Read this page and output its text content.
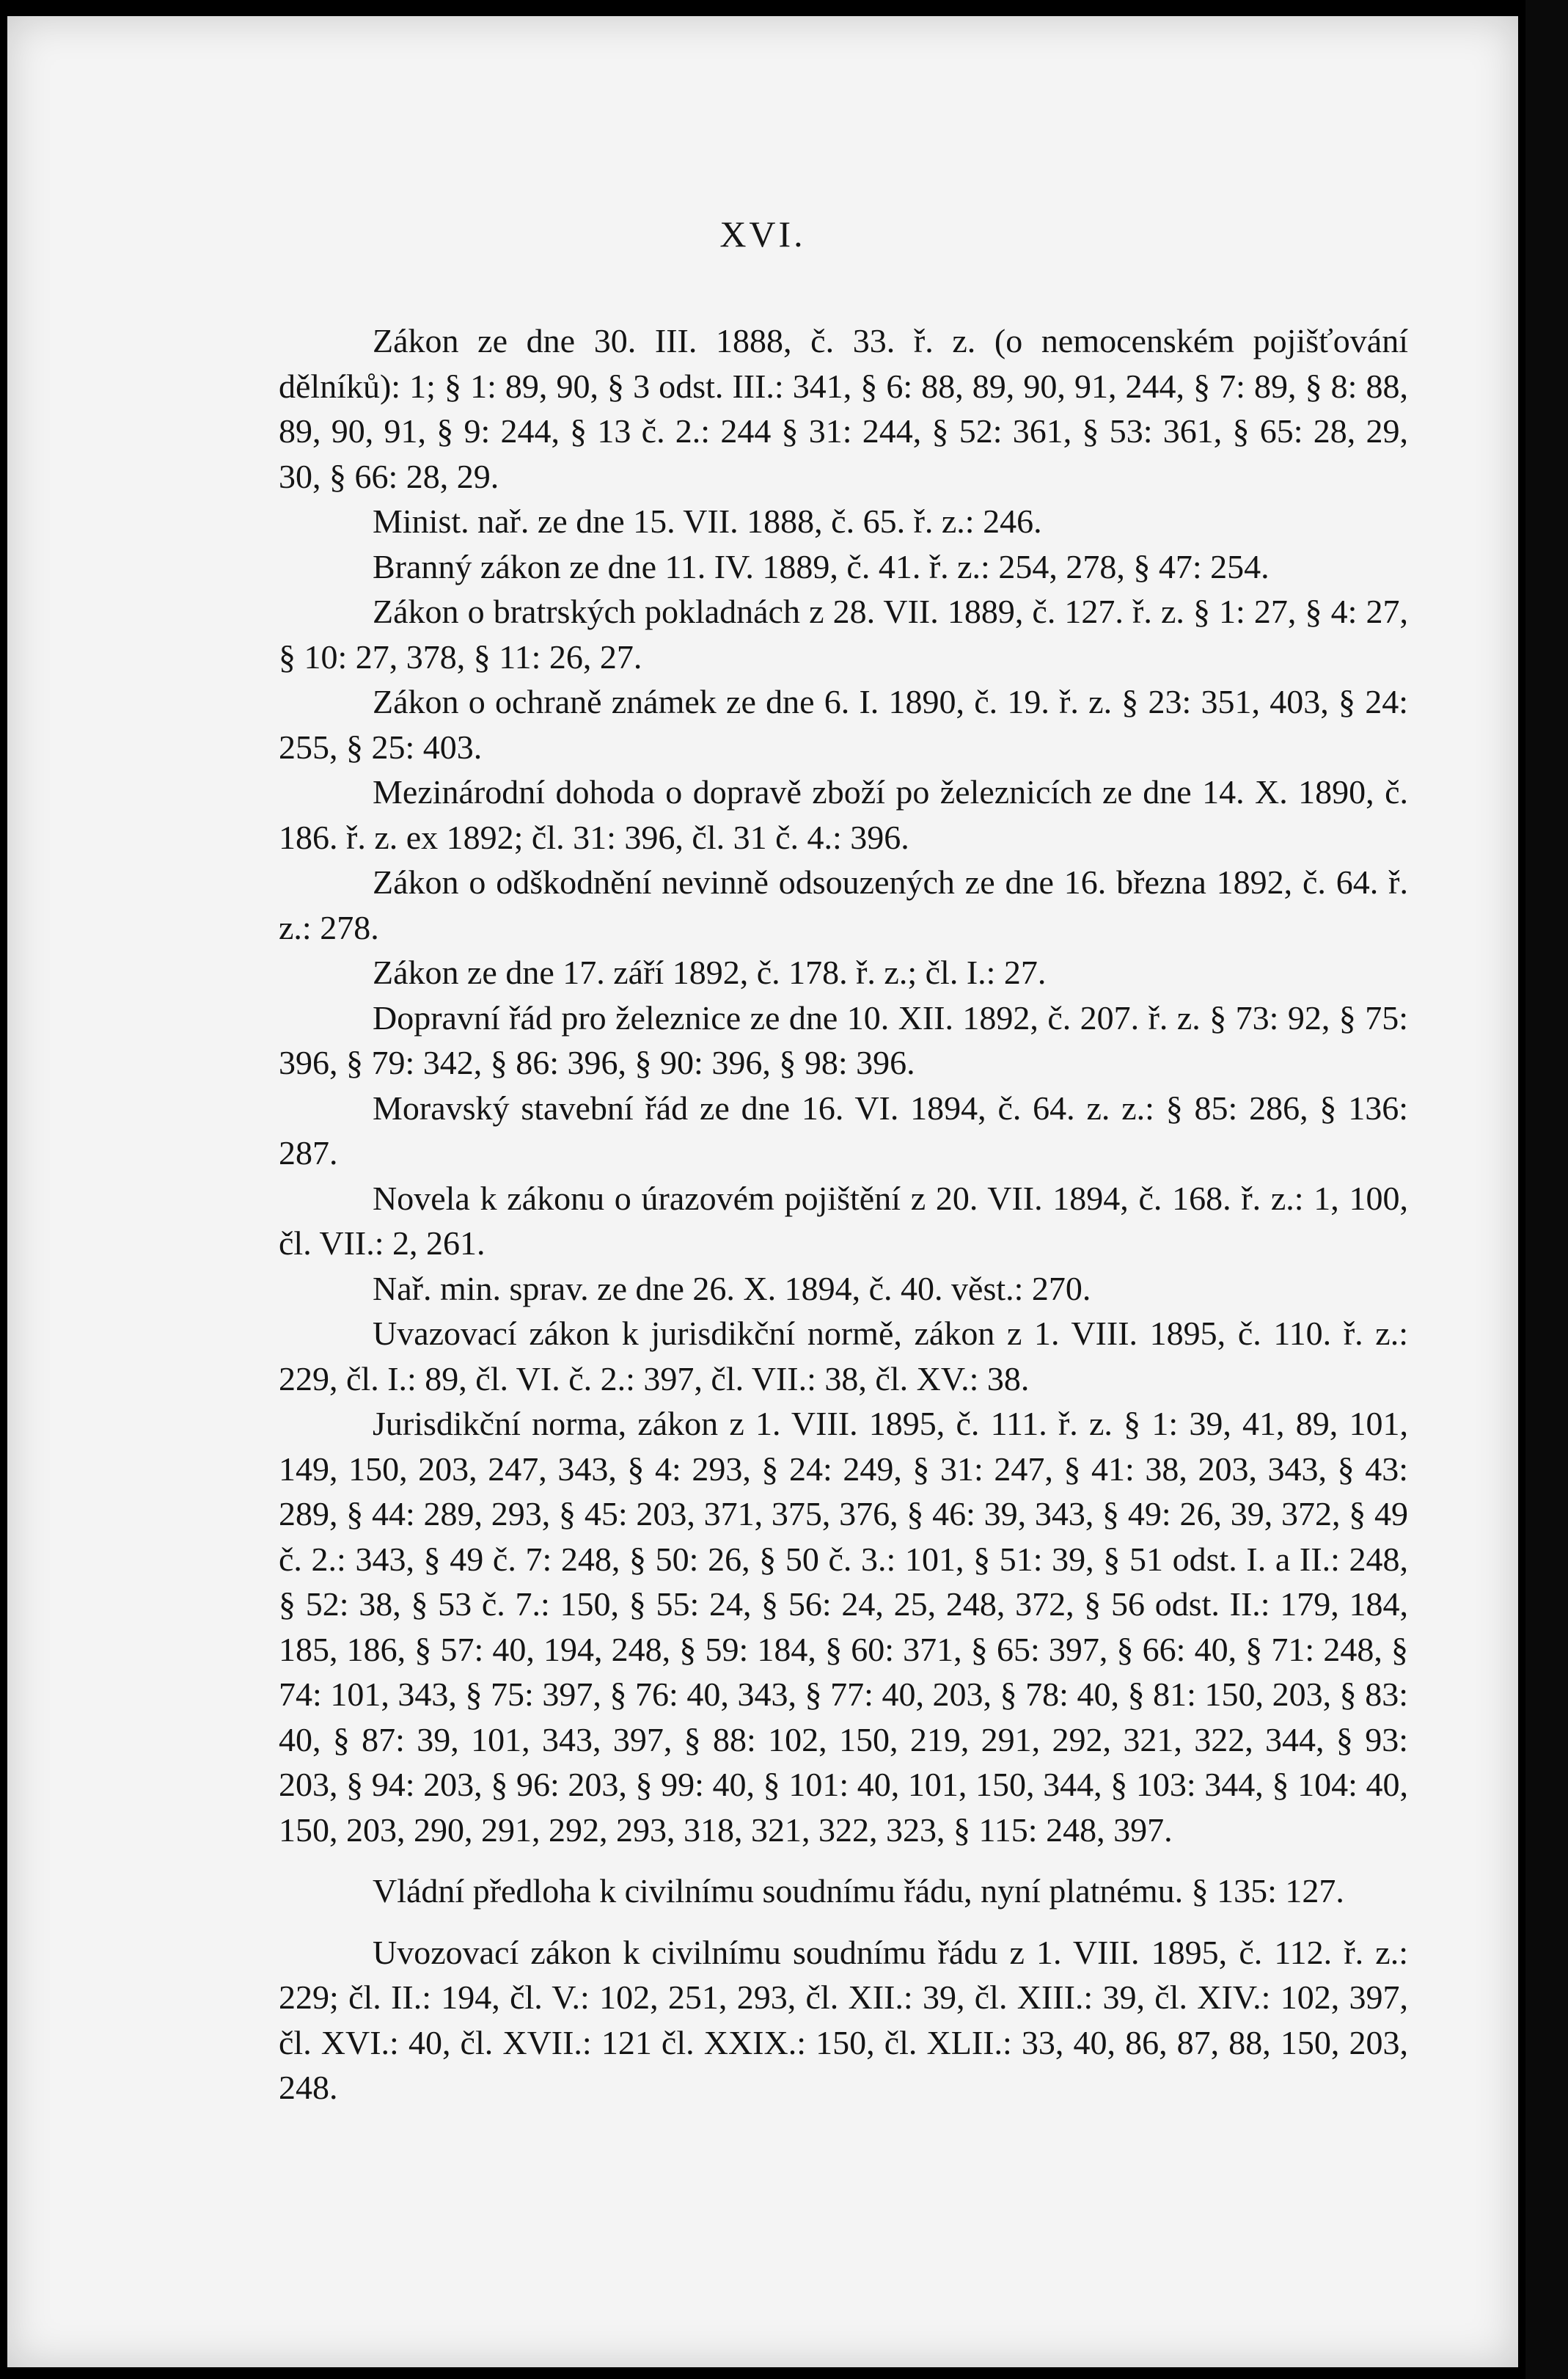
XVI.

Zákon ze dne 30. III. 1888, č. 33. ř. z. (o nemocenském pojišťování dělníků): 1; § 1: 89, 90, § 3 odst. III.: 341, § 6: 88, 89, 90, 91, 244, § 7: 89, § 8: 88, 89, 90, 91, § 9: 244, § 13 č. 2.: 244 § 31: 244, § 52: 361, § 53: 361, § 65: 28, 29, 30, § 66: 28, 29.

Minist. nař. ze dne 15. VII. 1888, č. 65. ř. z.: 246.

Branný zákon ze dne 11. IV. 1889, č. 41. ř. z.: 254, 278, § 47: 254.

Zákon o bratrských pokladnách z 28. VII. 1889, č. 127. ř. z. § 1: 27, § 4: 27, § 10: 27, 378, § 11: 26, 27.

Zákon o ochraně známek ze dne 6. I. 1890, č. 19. ř. z. § 23: 351, 403, § 24: 255, § 25: 403.

Mezinárodní dohoda o dopravě zboží po železnicích ze dne 14. X. 1890, č. 186. ř. z. ex 1892; čl. 31: 396, čl. 31 č. 4.: 396.

Zákon o odškodnění nevinně odsouzených ze dne 16. března 1892, č. 64. ř. z.: 278.

Zákon ze dne 17. září 1892, č. 178. ř. z.; čl. I.: 27.

Dopravní řád pro železnice ze dne 10. XII. 1892, č. 207. ř. z. § 73: 92, § 75: 396, § 79: 342, § 86: 396, § 90: 396, § 98: 396.

Moravský stavební řád ze dne 16. VI. 1894, č. 64. z. z.: § 85: 286, § 136: 287.

Novela k zákonu o úrazovém pojištění z 20. VII. 1894, č. 168. ř. z.: 1, 100, čl. VII.: 2, 261.

Nař. min. sprav. ze dne 26. X. 1894, č. 40. věst.: 270.

Uvazovací zákon k jurisdikční normě, zákon z 1. VIII. 1895, č. 110. ř. z.: 229, čl. I.: 89, čl. VI. č. 2.: 397, čl. VII.: 38, čl. XV.: 38.

Jurisdikční norma, zákon z 1. VIII. 1895, č. 111. ř. z. § 1: 39, 41, 89, 101, 149, 150, 203, 247, 343, § 4: 293, § 24: 249, § 31: 247, § 41: 38, 203, 343, § 43: 289, § 44: 289, 293, § 45: 203, 371, 375, 376, § 46: 39, 343, § 49: 26, 39, 372, § 49 č. 2.: 343, § 49 č. 7: 248, § 50: 26, § 50 č. 3.: 101, § 51: 39, § 51 odst. I. a II.: 248, § 52: 38, § 53 č. 7.: 150, § 55: 24, § 56: 24, 25, 248, 372, § 56 odst. II.: 179, 184, 185, 186, § 57: 40, 194, 248, § 59: 184, § 60: 371, § 65: 397, § 66: 40, § 71: 248, § 74: 101, 343, § 75: 397, § 76: 40, 343, § 77: 40, 203, § 78: 40, § 81: 150, 203, § 83: 40, § 87: 39, 101, 343, 397, § 88: 102, 150, 219, 291, 292, 321, 322, 344, § 93: 203, § 94: 203, § 96: 203, § 99: 40, § 101: 40, 101, 150, 344, § 103: 344, § 104: 40, 150, 203, 290, 291, 292, 293, 318, 321, 322, 323, § 115: 248, 397.

Vládní předloha k civilnímu soudnímu řádu, nyní platnému. § 135: 127.

Uvozovací zákon k civilnímu soudnímu řádu z 1. VIII. 1895, č. 112. ř. z.: 229; čl. II.: 194, čl. V.: 102, 251, 293, čl. XII.: 39, čl. XIII.: 39, čl. XIV.: 102, 397, čl. XVI.: 40, čl. XVII.: 121 čl. XXIX.: 150, čl. XLII.: 33, 40, 86, 87, 88, 150, 203, 248.
